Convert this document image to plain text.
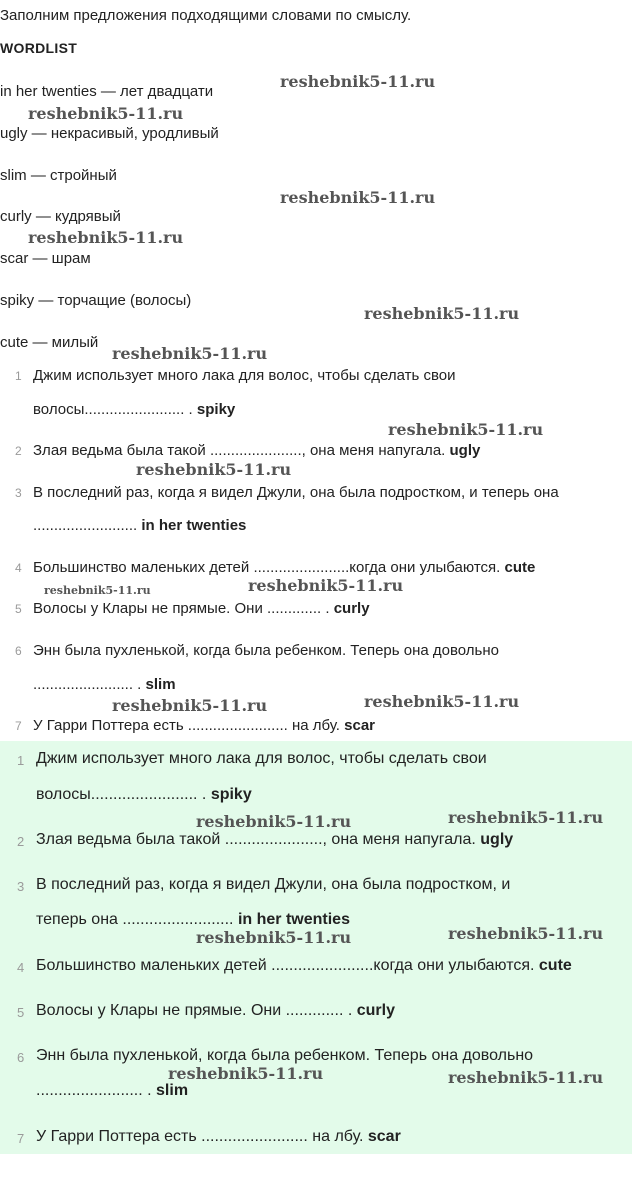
Заполним предложения подходящими словами по смыслу.
WORDLIST
in her twenties — лет двадцати
ugly — некрасивый, уродливый
slim — стройный
curly — кудрявый
scar — шрам
spiky — торчащие (волосы)
cute — милый
1 Джим использует много лака для волос, чтобы сделать свои
волосы........................ . spiky
2 Злая ведьма была такой ......................, она меня напугала. ugly
3 В последний раз, когда я видел Джули, она была подростком, и теперь она
......................... in her twenties
4 Большинство маленьких детей .......................когда они улыбаются. cute
5 Волосы у Клары не прямые. Они ............. . curly
6 Энн была пухленькой, когда была ребенком. Теперь она довольно
........................ . slim
7 У Гарри Поттера есть ........................ на лбу. scar
1 Джим использует много лака для волос, чтобы сделать свои
волосы........................ . spiky
2 Злая ведьма была такой ......................, она меня напугала. ugly
3 В последний раз, когда я видел Джули, она была подростком, и
теперь она ......................... in her twenties
4 Большинство маленьких детей .......................когда они улыбаются. cute
5 Волосы у Клары не прямые. Они ............. . curly
6 Энн была пухленькой, когда была ребенком. Теперь она довольно
........................ . slim
7 У Гарри Поттера есть ........................ на лбу. scar
reshebnik5-11.ru
reshebnik5-11.ru
reshebnik5-11.ru
reshebnik5-11.ru
reshebnik5-11.ru
reshebnik5-11.ru
reshebnik5-11.ru
reshebnik5-11.ru
reshebnik5-11.ru	reshebnik5-11.ru
reshebnik5-11.ru	reshebnik5-11.ru
reshebnik5-11.ru	reshebnik5-11.ru
reshebnik5-11.ru	reshebnik5-11.ru
reshebnik5-11.ru	reshebnik5-11.ru
